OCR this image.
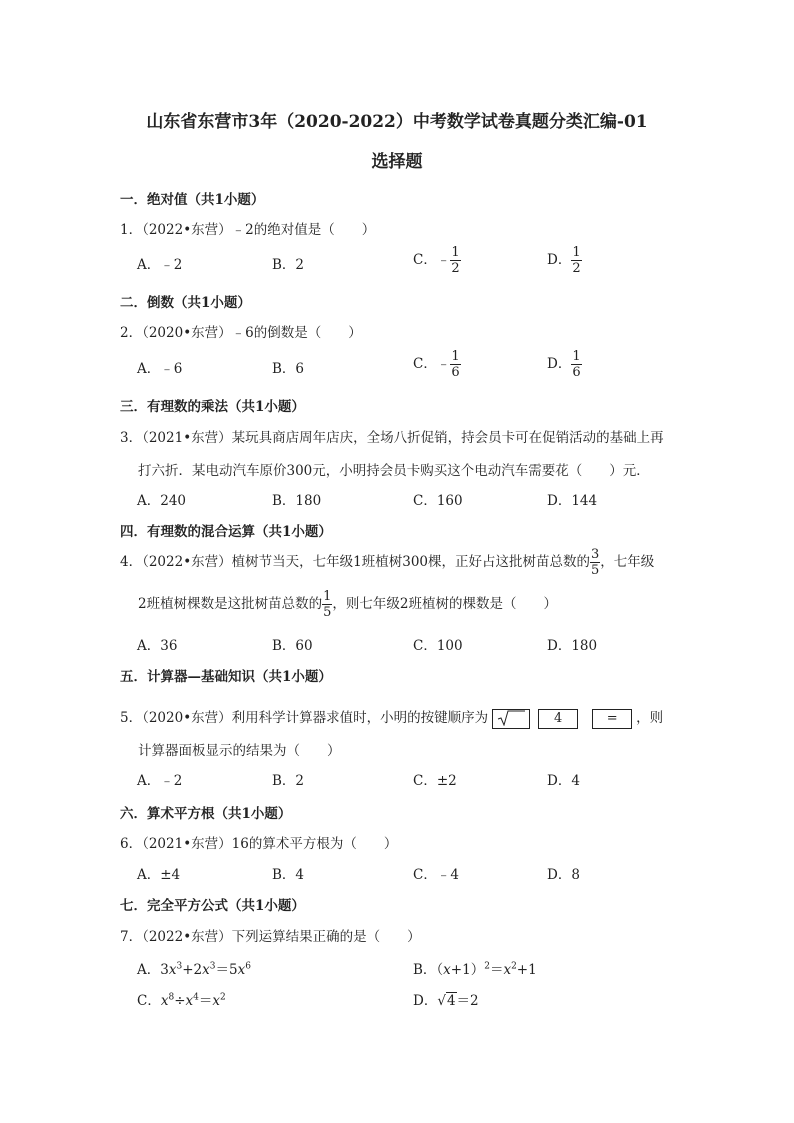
山东省东营市3年（2020-2022）中考数学试卷真题分类汇编-01
选择题
一．绝对值（共1小题）
1．（2022•东营）﹣2的绝对值是（　　）
A．﹣2	B．2	C．﹣ $\frac{1}{2}$	D． $\frac{1}{2}$
二．倒数（共1小题）
2．（2020•东营）﹣6的倒数是（　　）
A．﹣6	B．6	C．﹣ $\frac{1}{6}$	D． $\frac{1}{6}$
三．有理数的乘法（共1小题）
3．（2021•东营）某玩具商店周年店庆，全场八折促销，持会员卡可在促销活动的基础上再
打六折．某电动汽车原价300元，小明持会员卡购买这个电动汽车需要花（　　）元．
A．240	B．180	C．160	D．144
四．有理数的混合运算（共1小题）
4．（2022•东营）植树节当天，七年级1班植树300棵，正好占这批树苗总数的 $\frac{3}{5}$ ，七年级
2班植树棵数是这批树苗总数的 $\frac{1}{5}$ ，则七年级2班植树的棵数是（　　）
A．36	B．60	C．100	D．180
五．计算器—基础知识（共1小题）
5．（2020•东营）利用科学计算器求值时，小明的按键顺序为	4	= ，则
计算器面板显示的结果为（　　）
A．﹣2	B．2	C．±2	D．4
六．算术平方根（共1小题）
6．（2021•东营）16的算术平方根为（　　）
A．±4	B．4	C．﹣4	D．8
七．完全平方公式（共1小题）
7．（2022•东营）下列运算结果正确的是（　　）
A．$3x^3+2x^3=5x^6$	B．$(x+1)^2=x^2+1$
C．$x^8\div x^4=x^2$	D．√4＝2
